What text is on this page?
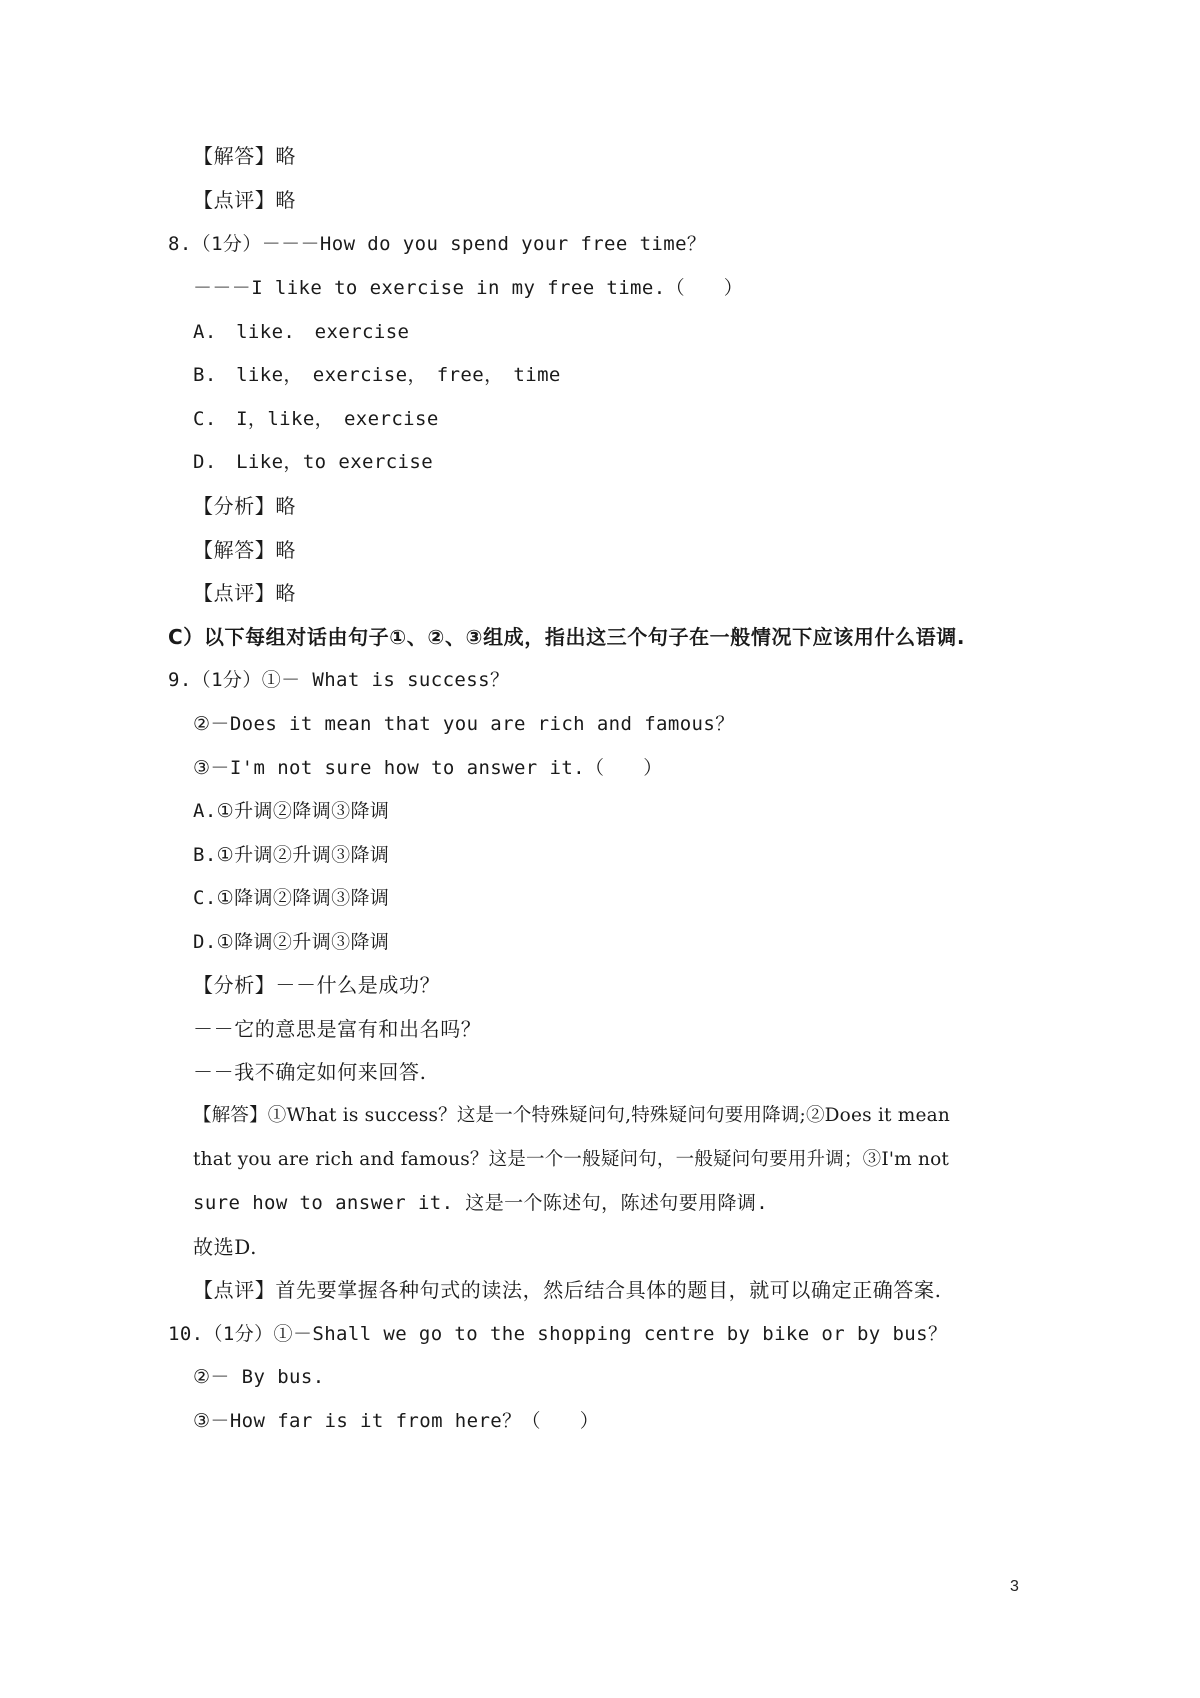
【解答】略
【点评】略
8.（1分）－－－How do you spend your free time？
－－－I like to exercise in my free time.（　　）
A.　like.　exercise
B.　like，　exercise，　free，　time
C.　I，like，　exercise
D.　Like，to exercise
【分析】略
【解答】略
【点评】略
C）以下每组对话由句子①、②、③组成，指出这三个句子在一般情况下应该用什么语调.
9.（1分）①－ What is success？
②－Does it mean that you are rich and famous？
③－I'm not sure how to answer it.（　　）
A.①升调②降调③降调
B.①升调②升调③降调
C.①降调②降调③降调
D.①降调②升调③降调
【分析】－－什么是成功？
－－它的意思是富有和出名吗？
－－我不确定如何来回答.
【解答】①What is success？这是一个特殊疑问句,特殊疑问句要用降调;②Does it mean
that you are rich and famous？这是一个一般疑问句，一般疑问句要用升调；③I'm not
sure how to answer it. 这是一个陈述句，陈述句要用降调.
故选D.
【点评】首先要掌握各种句式的读法，然后结合具体的题目，就可以确定正确答案.
10.（1分）①－Shall we go to the shopping centre by bike or by bus？
②－ By bus.
③－How far is it from here？（　　）
3
